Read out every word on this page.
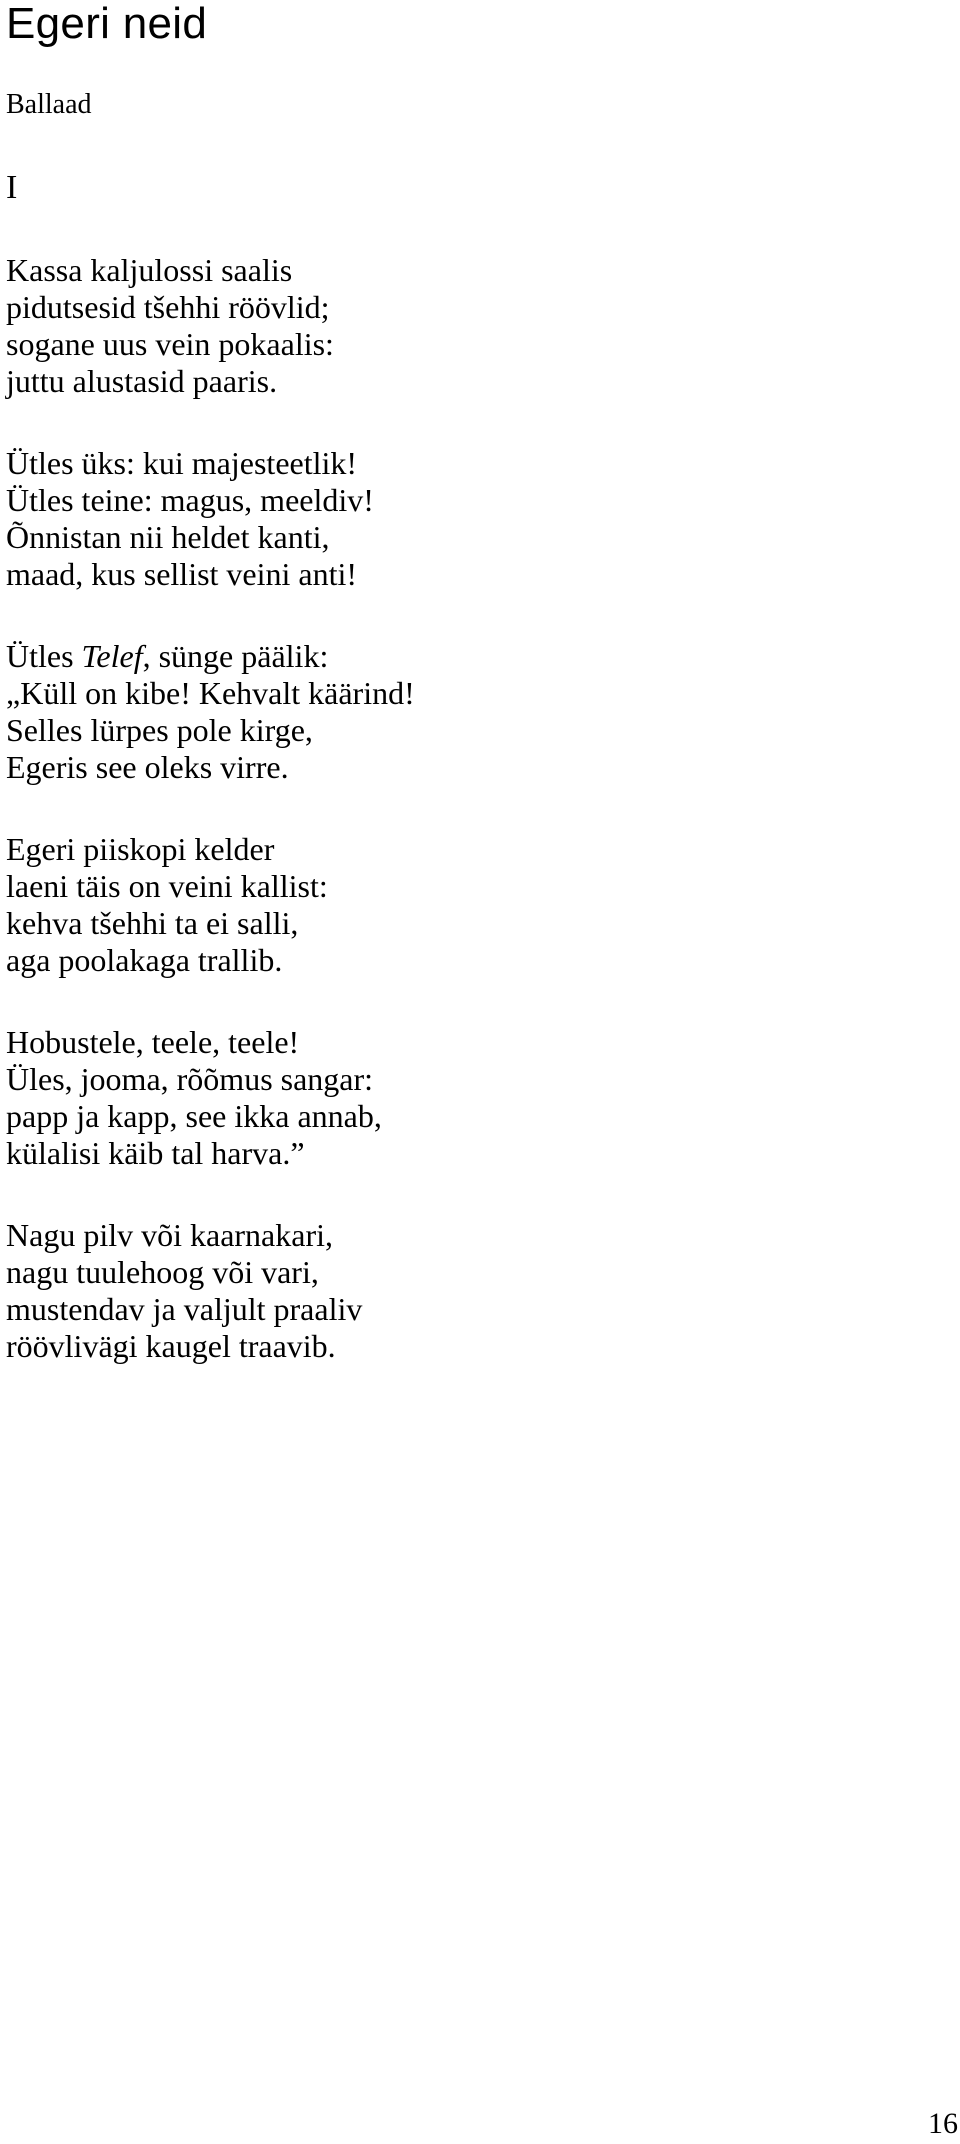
Egeri neid
Ballaad
I
Kassa kaljulossi saalis
pidutsesid tšehhi röövlid;
sogane uus vein pokaalis:
juttu alustasid paaris.
Ütles üks: kui majesteetlik!
Ütles teine: magus, meeldiv!
Õnnistan nii heldet kanti,
maad, kus sellist veini anti!
Ütles Telef, sünge päälik:
„Küll on kibe! Kehvalt käärind!
Selles lürpes pole kirge,
Egeris see oleks virre.
Egeri piiskopi kelder
laeni täis on veini kallist:
kehva tšehhi ta ei salli,
aga poolakaga trallib.
Hobustele, teele, teele!
Üles, jooma, rõõmus sangar:
papp ja kapp, see ikka annab,
külalisi käib tal harva.”
Nagu pilv või kaarnakari,
nagu tuulehoog või vari,
mustendav ja valjult praaliv
röövlivägi kaugel traavib.
16
